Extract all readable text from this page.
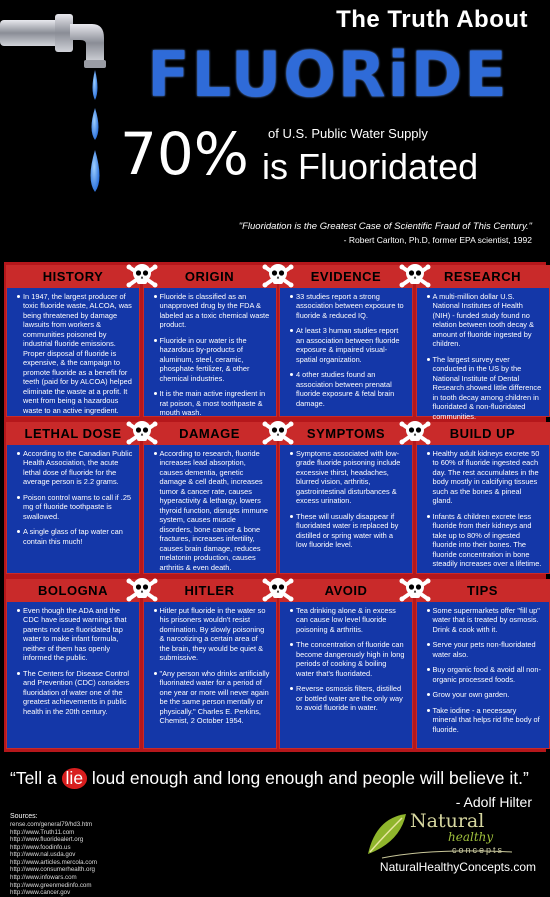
The Truth About
FLUORiDE
70% of U.S. Public Water Supply
is Fluoridated
"Fluoridation is the Greatest Case of Scientific Fraud of This Century."
- Robert Carlton, Ph.D, former EPA scientist, 1992
HISTORY
In 1947, the largest producer of toxic fluoride waste, ALCOA, was being threatened by damage lawsuits from workers & communities poisoned by industrial fluoride emissions. Proper disposal of fluoride is expensive, & the campaign to promote fluoride as a benefit for teeth (paid for by ALCOA) helped eliminate the waste at a profit. It went from being a hazardous waste to an active ingredient.
ORIGIN
Fluoride is classified as an unapproved drug by the FDA & labeled as a toxic chemical waste product.
Fluoride in our water is the hazardous by-products of aluminum, steel, ceramic, phosphate fertilizer, & other chemical industries.
It is the main active ingredient in rat poison, & most toothpaste & mouth wash.
EVIDENCE
33 studies report a strong association between exposure to fluoride & reduced IQ.
At least 3 human studies report an association between fluoride exposure & impaired visual-spatial organization.
4 other studies found an association between prenatal fluoride exposure & fetal brain damage.
RESEARCH
A multi-million dollar U.S. National Institutes of Health (NIH) - funded study found no relation between tooth decay & amount of fluoride ingested by children.
The largest survey ever conducted in the US by the National Institute of Dental Research showed little difference in tooth decay among children in fluoridated & non-fluoridated communities.
LETHAL DOSE
According to the Canadian Public Health Association, the acute lethal dose of fluoride for the average person is 2.2 grams.
Poison control warns to call if .25 mg of fluoride toothpaste is swallowed.
A single glass of tap water can contain this much!
DAMAGE
According to research, fluoride increases lead absorption, causes dementia, genetic damage & cell death, increases tumor & cancer rate, causes hyperactivity & lethargy, lowers thyroid function, disrupts immune system, causes muscle disorders, bone cancer & bone fractures, increases infertility, causes brain damage, reduces melatonin production, causes arthritis & even death.
SYMPTOMS
Symptoms associated with low-grade fluoride poisoning include excessive thirst, headaches, blurred vision, arthritis, gastrointestinal disturbances & excess urination.
These will usually disappear if fluoridated water is replaced by distilled or spring water with a low fluoride level.
BUILD UP
Healthy adult kidneys excrete 50 to 60% of fluoride ingested each day. The rest accumulates in the body mostly in calcifying tissues such as the bones & pineal gland.
Infants & children excrete less fluoride from their kidneys and take up to 80% of ingested fluoride into their bones. The fluoride concentration in bone steadily increases over a lifetime.
BOLOGNA
Even though the ADA and the CDC have issued warnings that parents not use fluoridated tap water to make infant formula, neither of them has openly informed the public.
The Centers for Disease Control and Prevention (CDC) considers fluoridation of water one of the greatest achievements in public health in the 20th century.
HITLER
Hitler put fluoride in the water so his prisoners wouldn't resist domination. By slowly poisoning & narcotizing a certain area of the brain, they would be quiet & submissive.
"Any person who drinks artificially fluorinated water for a period of one year or more will never again be the same person mentally or physically." Charles E. Perkins, Chemist, 2 October 1954.
AVOID
Tea drinking alone & in excess can cause low level fluoride poisoning & arthritis.
The concentration of fluoride can become dangerously high in long periods of cooking & boiling water that's fluoridated.
Reverse osmosis filters, distilled or bottled water are the only way to avoid fluoride in water.
TIPS
Some supermarkets offer "fill up" water that is treated by osmosis. Drink & cook with it.
Serve your pets non-fluoridated water also.
Buy organic food & avoid all non-organic processed foods.
Grow your own garden.
Take iodine - a necessary mineral that helps rid the body of fluoride.
“Tell a lie loud enough and long enough and people will believe it.”
- Adolf Hilter
Sources:
rense.com/general79/hd3.htm
http://www.Truth11.com
http://www.fluoridealert.org
http://www.foodinfo.us
http://www.nal.usda.gov
http://www.articles.mercola.com
http://www.consumerhealth.org
http://www.infowars.com
http://www.greenmedinfo.com
http://www.cancer.gov
Natural
healthy
concepts
NaturalHealthyConcepts.com
